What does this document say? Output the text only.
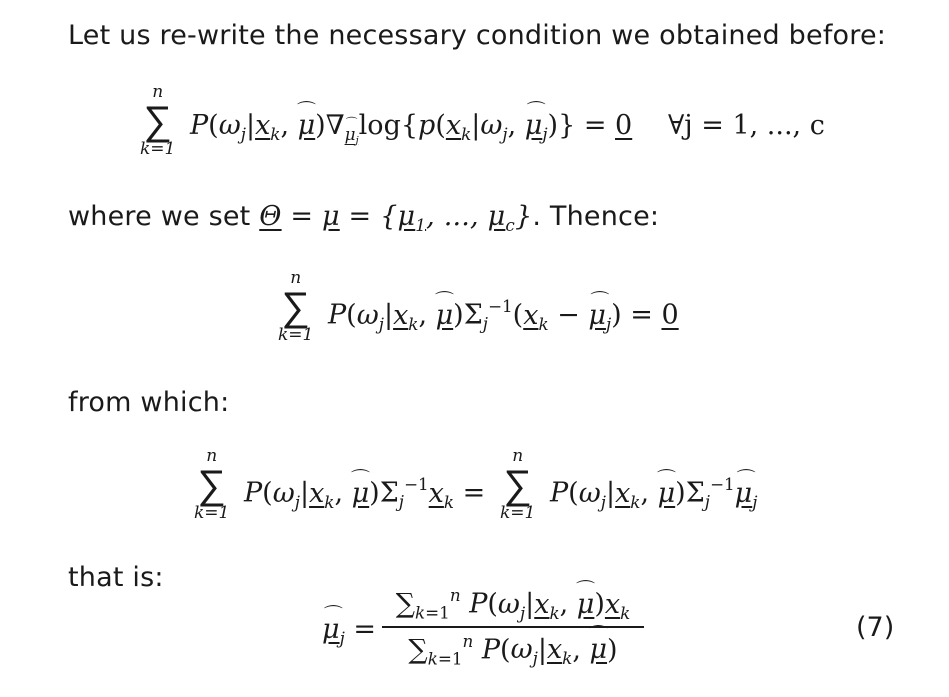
Let us re-write the necessary condition we obtained before:
n
∑
k=1
$P(\omega_j|x_k$, ⌒ μ)∇⌒ $_{\mu_j}\log\{p(x_k|\omega_j$, ⌒ $\mu_j)\} = 0$ ∀j = 1, ..., c
where we set $\Theta = \mu = \{\mu_1$, ..., $\mu_c$}. Thence:
n
∑
k=1
$P(\omega_j|x_k$, ⌒ $\mu)\Sigma_j^{-1}(x_k$ − ⌒ $\mu_j) = 0$
from which:
n
∑
k=1
$P(\omega_j|x_k$, ⌒ $\mu)\Sigma_j^{-1}x_k$ =
n
∑
k=1
$P(\omega_j|x_k$, ⌒ $\mu)\Sigma_j^{-1}⌒$ $\mu_j$
that is:
⌒ $\mu_j$ =
$\sum_{k=1}^n$ $P(\omega_j|x_k$, ⌒ $\mu)x_k$
$\sum_{k=1}^n$ $P(\omega_j|x_k$, ⌒ μ)
(7)
